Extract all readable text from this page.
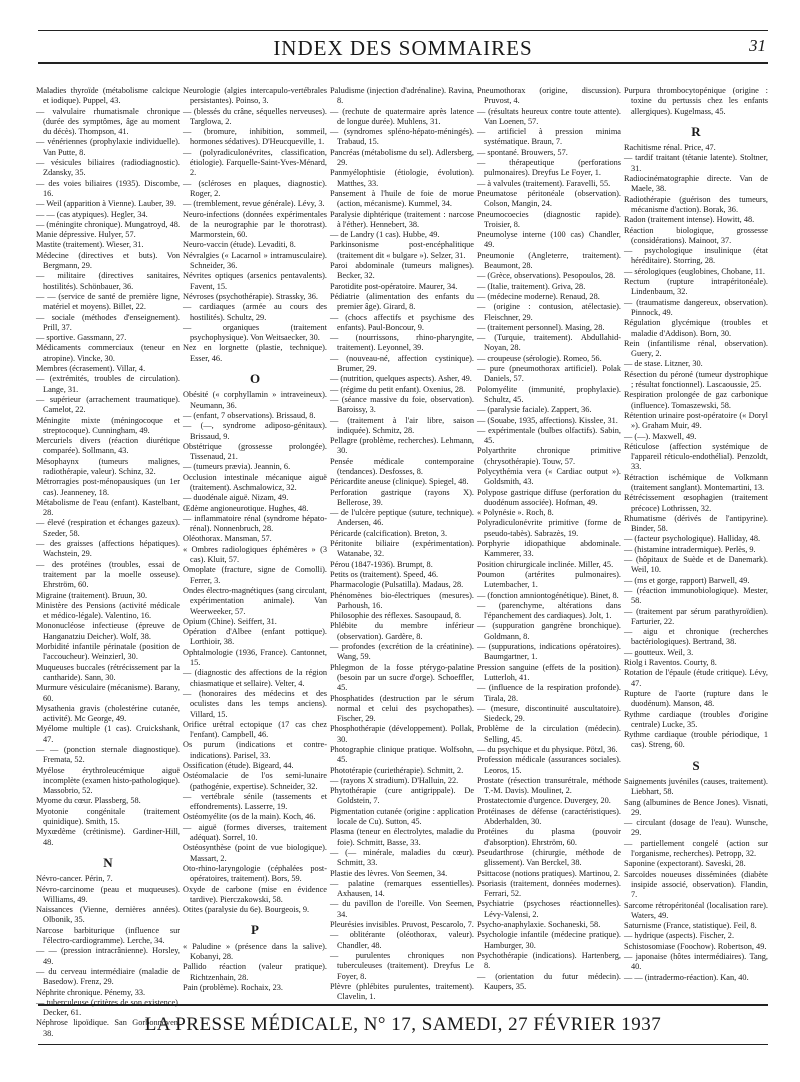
INDEX DES SOMMAIRES	31

Maladies thyroïde (métabolisme calcique et iodique). Puppel, 43.

— valvulaire rhumatismale chronique (durée des symptômes, âge au moment du décès). Thompson, 41.

— vénériennes (prophylaxie individuelle). Van Putte, 8.

— vésicules biliaires (radiodiagnostic). Zdansky, 35.

— des voies biliaires (1935). Discombe, 16.

— Weil (apparition à Vienne). Lauber, 39.

— — (cas atypiques). Hegler, 34.

— (méningite chronique). Mungatroyd, 48.

Manie dépressive. Hulyer, 57.

Mastite (traitement). Wieser, 31.

Médecine (directives et buts). Von Bergmann, 29.

— militaire (directives sanitaires, hostilités). Schönbauer, 36.

— — (service de santé de première ligne, matériel et moyens). Billet, 22.

— sociale (méthodes d'enseignement). Prill, 37.

— sportive. Gassmann, 27.

Médicaments commerciaux (teneur en atropine). Vincke, 30.

Membres (écrasement). Villar, 4.

— (extrémités, troubles de circulation). Lange, 31.

— supérieur (arrachement traumatique). Camelot, 22.

Méningite mixte (méningocoque et streptocoque). Cunningham, 49.

Mercuriels divers (réaction diurétique comparée). Sollmann, 43.

Mésophaynx (tumeurs malignes, radiothérapie, valeur). Schinz, 32.

Métrorragies post-ménopausiques (un 1er cas). Jeanneney, 18.

Métabolisme de l'eau (enfant). Kastelbant, 28.

— élevé (respiration et échanges gazeux). Szeder, 58.

— des graisses (affections hépatiques). Wachstein, 29.

— des protéines (troubles, essai de traitement par la moelle osseuse). Ehrström, 60.

Migraine (traitement). Bruun, 30.

Ministère des Pensions (activité médicale et médico-légale). Valentino, 16.

Mononucléose infectieuse (épreuve de Hanganatziu Deicher). Wolf, 38.

Morbidité infantile périnatale (position de l'accoucheur). Weinzierl, 30.

Muqueuses buccales (rétrécissement par la cantharide). Sann, 30.

Murmure vésiculaire (mécanisme). Barany, 60.

Mysathenia gravis (cholestérine cutanée, activité). Mc George, 49.

Myélome multiple (1 cas). Cruickshank, 47.

— — (ponction sternale diagnostique). Fremata, 52.

Myélose érythroleucémique aiguë incomplète (examen histo-pathologique). Massobrio, 52.

Myome du cœur. Plassberg, 58.

Myotonie congénitale (traitement quinidique). Smith, 15.

Myxœdème (crétinisme). Gardiner-Hill, 48.

N

Névro-cancer. Périn, 7.

Névro-carcinome (peau et muqueuses). Williams, 49.

Naissances (Vienne, dernières années). Olbonik, 35.

Narcose barbiturique (influence sur l'électro-cardiogramme). Lerche, 34.

— — (pression intracrânienne). Horsley, 49.

— du cerveau intermédiaire (maladie de Basedow). Frenz, 29.

Néphrite chronique. Pénemy, 33.

— tuberculeuse (critères de son existence). Decker, 61.

Néphrose lipoïdique. San Gorbonnoven, 38.

Neurologie (algies intercapulo-vertébrales persistantes). Poinso, 3.

— (blessés du crâne, séquelles nerveuses). Targlowa, 2.

— (bromure, inhibition, sommeil, hormones sédatives). D'Heucqueville, 1.

— (polyradiculonévrites, classification, étiologie). Farquelle-Saint-Yves-Ménard, 2.

— (scléroses en plaques, diagnostic). Roger, 2.

— (tremblement, revue générale). Lévy, 3.

Neuro-infections (données expérimentales de la neurographie par le thorotrast). Marmorstein, 60.

Neuro-vaccin (étude). Levaditi, 8.

Névralgies (« Lacarnol » intramusculaire). Schneider, 36.

Névrites optiques (arsenics pentavalents). Favent, 15.

Névroses (psychothérapie). Strassky, 36.

— cardiaques (armée au cours des hostilités). Schultz, 29.

— organiques (traitement psychophysique). Von Weitsaecker, 30.

Nez en lorgnette (plastie, technique). Esser, 46.

O

Obésité (« corphyllamin » intraveineux). Neumann, 36.

— (enfant, 7 observations). Brissaud, 8.

— (—, syndrome adiposo-génitaux). Brissaud, 9.

Obstétrique (grossesse prolongée). Tissenaud, 21.

— (tumeurs prævia). Jeannin, 6.

Occlusion intestinale mécanique aiguë (traitement). Aschmalowicz, 32.

— duodénale aiguë. Nizam, 49.

Œdème angioneurotique. Hughes, 48.

— inflammatoire rénal (syndrome hépato-rénal). Nonnenbruch, 28.

Oléothorax. Mansman, 57.

« Ombres radiologiques éphémères » (3 cas). Kluit, 57.

Omoplate (fracture, signe de Comolli). Ferrer, 3.

Ondes électro-magnétiques (sang circulant, expérimentation animale). Van Weerweeker, 57.

Opium (Chine). Seiffert, 31.

Opération d'Albee (enfant pottique). Lorthioir, 38.

Ophtalmologie (1936, France). Cantonnet, 15.

— (diagnostic des affections de la région chiasmatique et sellaire). Velter, 4.

— (honoraires des médecins et des oculistes dans les temps anciens). Villard, 15.

Orifice urétral ectopique (17 cas chez l'enfant). Campbell, 46.

Os purum (indications et contre-indications). Parisel, 33.

Ossification (étude). Bigeard, 44.

Ostéomalacie de l'os semi-lunaire (pathogénie, expertise). Schneider, 32.

— vertébrale sénile (tassements et effondrements). Lasserre, 19.

Ostéomyélite (os de la main). Koch, 46.

— aiguë (formes diverses, traitement adéquat). Sorrel, 10.

Ostéosynthèse (point de vue biologique). Massart, 2.

Oto-rhino-laryngologie (céphalées post-opératoires, traitement). Bors, 59.

Oxyde de carbone (mise en évidence tardive). Pierczakowski, 58.

Otites (paralysie du 6e). Bourgeois, 9.

P

« Paludine » (présence dans la salive). Kobanyi, 28.

Pallido réaction (valeur pratique). Richtzenhain, 28.

Pain (problème). Rochaix, 23.

Paludisme (injection d'adrénaline). Ravina, 8.

— (rechute de quatermaire après latence de longue durée). Muhlens, 31.

— (syndromes spléno-hépato-méningés). Trabaud, 15.

Pancréas (métabolisme du sel). Adlersberg, 29.

Panmyélophtisie (étiologie, évolution). Matthes, 33.

Pansement à l'huile de foie de morue (action, mécanisme). Kummel, 34.

Paralysie diphtérique (traitement : narcose à l'éther). Hennebert, 38.

— de Landry (1 cas). Hubbe, 49.

Parkinsonisme post-encéphalitique (traitement dit « bulgare »). Selzer, 31.

Paroi abdominale (tumeurs malignes). Becker, 32.

Parotidite post-opératoire. Maurer, 34.

Pédiatrie (alimentation des enfants du premier âge). Girard, 8.

— (chocs affectifs et psychisme des enfants). Paul-Boncour, 9.

— (nourrissons, rhino-pharyngite, traitement). Leyonnel, 39.

— (nouveau-né, affection cystinique). Brumer, 29.

— (nutrition, quelques aspects). Asher, 49.

— (régime du petit enfant). Oxenius, 28.

— (séance massive du foie, observation). Baroissy, 3.

— (traitement à l'air libre, saison indiquée). Schmitz, 28.

Pellagre (problème, recherches). Lehmann, 30.

Pensée médicale contemporaine (tendances). Desfosses, 8.

Péricardite aneuse (clinique). Spiegel, 48.

Perforation gastrique (rayons X). Bellerose, 39.

— de l'ulcère peptique (suture, technique). Andersen, 46.

Péricarde (calcification). Breton, 3.

Péritonite biliaire (expérimentation). Watanabe, 32.

Pérou (1847-1936). Brumpt, 8.

Petits os (traitement). Speed, 46.

Pharmacologie (Pulsatilla). Madaus, 28.

Phénomènes bio-électriques (mesures). Parhoush, 16.

Philosophie des réflexes. Sasoupaud, 8.

Phlébite du membre inférieur (observation). Gardère, 8.

— profondes (excrétion de la créatinine). Wang, 59.

Phlegmon de la fosse ptérygo-palatine (besoin par un sucre d'orge). Schoeffler, 45.

Phosphatides (destruction par le sérum normal et celui des psychopathes). Fischer, 29.

Phosphothérapie (développement). Pollak, 30.

Photographie clinique pratique. Wolfsohn, 45.

Phototérapie (curiethérapie). Schmitt, 2.

— (rayons X stradium). D'Halluin, 22.

Phytothérapie (cure antigrippale). De Goldstein, 7.

Pigmentation cutanée (origine : application locale de Cu). Sutton, 45.

Plasma (teneur en électrolytes, maladie du foie). Schmitt, Basse, 33.

— (— minérale, maladies du cœur). Schmitt, 33.

Plastie des lèvres. Von Seemen, 34.

— palatine (remarques essentielles). Axhausen, 14.

— du pavillon de l'oreille. Von Seemen, 34.

Pleurésies invisibles. Pruvost, Pescarolo, 7.

— oblitérante (oléothorax, valeur). Chandler, 48.

— purulentes chroniques non tuberculeuses (traitement). Dreyfus Le Foyer, 8.

Plèvre (phlébites purulentes, traitement). Clavelin, 1.

Pneumothorax (origine, discussion). Pruvost, 4.

— (résultats heureux contre toute attente). Van Loenen, 57.

— artificiel à pression minima systématique. Braun, 7.

— spontané. Brouwers, 57.

— thérapeutique (perforations pulmonaires). Dreyfus Le Foyer, 1.

— à valvules (traitement). Faravelli, 55.

Pneumatose péritonéale (observation). Colson, Mangin, 24.

Pneumocoecies (diagnostic rapide). Troisier, 8.

Pneumolyse interne (100 cas) Chandler, 49.

Pneumonie (Angleterre, traitement). Beaumont, 28.

— (Grèce, observations). Pesopoulos, 28.

— (Italie, traitement). Griva, 28.

— (médecine moderne). Renaud, 28.

— (origine : contusion, atélectasie). Fleischner, 29.

— (traitement personnel). Masing, 28.

— (Turquie, traitement). Abdullahid-Noyan, 28.

— croupeuse (sérologie). Romeo, 56.

— pure (pneumothorax artificiel). Polak Daniels, 57.

Polomyélite (immunité, prophylaxie). Schultz, 45.

— (paralysie faciale). Zappert, 36.

— (Souabe, 1935, affections). Kisslee, 31.

— expérimentale (bulbes olfactifs). Sabin, 45.

Polyarthrite chronique primitive (chrysothérapie). Touw, 57.

Polycythémia vera (« Cardiac output »). Goldsmith, 43.

Polypose gastrique diffuse (perforation du duodénum associée). Hofman, 49.

« Polynésie ». Roch, 8.

Polyradiculonévrite primitive (forme de pseudo-tabès). Sabrazès, 19.

Porphyrie idiopathique abdominale. Kammerer, 33.

Position chirurgicale inclinée. Miller, 45.

Poumon (artérites pulmonaires). Lutembacher, 1.

— (fonction amniontogénétique). Binet, 8.

— (parenchyme, altérations dans l'épanchement des cardiaques). Jolt, 1.

— (suppuration gangrène bronchique). Goldmann, 8.

— (suppurations, indications opératoires). Baumgartner, 1.

Pression sanguine (effets de la position). Lutterloh, 41.

— (influence de la respiration profonde). Tirala, 28.

— (mesure, discontinuité auscultatoire). Siedeck, 29.

Problème de la circulation (médecin). Selling, 45.

— du psychique et du physique. Pötzl, 36.

Profession médicale (assurances sociales). Leoros, 15.

Prostate (résection transurétrale, méthode T.-M. Davis). Moulinet, 2.

Prostatectomie d'urgence. Duvergey, 20.

Protéinases de défense (caractéristiques). Abderhalden, 30.

Protéines du plasma (pouvoir d'absorption). Ehrström, 60.

Pseudarthrose (chirurgie, méthode de glissement). Van Berckel, 38.

Psittacose (notions pratiques). Martinou, 2.

Psoriasis (traitement, données modernes). Ferrari, 52.

Psychiatrie (psychoses réactionnelles). Lévy-Valensi, 2.

Psycho-anaphylaxie. Sochaneski, 58.

Psychologie infantile (médecine pratique). Hamburger, 30.

Psychothérapie (indications). Hartenberg, 8.

— (orientation du futur médecin). Kaupers, 35.

Purpura thrombocytopénique (origine : toxine du pertussis chez les enfants allergiques). Kugelmass, 45.

R

Rachitisme rénal. Price, 47.

— tardif traitant (tétanie latente). Stoltner, 31.

Radiocinématographie directe. Van de Maele, 38.

Radiothérapie (guérison des tumeurs, mécanisme d'action). Borak, 36.

Radon (traitement intense). Howitt, 48.

Réaction biologique, grossesse (considérations). Mainoot, 37.

— psychologique insulinique (état héréditaire). Storring, 28.

— sérologiques (euglobines, Chobane, 11.

Rectum (rupture intrapéritonéale). Lindenbaum, 32.

— (traumatisme dangereux, observation). Pinnock, 49.

Régulation glycémique (troubles et maladie d'Addison). Born, 30.

Rein (infantilisme rénal, observation). Guery, 2.

— de stase. Litzner, 30.

Résection du péroné (tumeur dystrophique ; résultat fonctionnel). Lascaoussie, 25.

Respiration prolongée de gaz carbonique (influence). Tomaszewski, 58.

Rétention urinaire post-opératoire (« Doryl »). Graham Muir, 49.

— (—). Maxwell, 49.

Réticulose (affection systémique de l'appareil réticulo-endothélial). Penzoldt, 33.

Rétraction ischémique de Volkmann (traitement sanglant). Montemartini, 13.

Rétrécissement œsophagien (traitement précoce) Lothrissen, 32.

Rhumatisme (dérivés de l'antipyrine). Binder, 58.

— (facteur psychologique). Halliday, 48.

— (histamine intradermique). Perlès, 9.

— (hôpitaux de Suède et de Danemark). Weil, 10.

— (ms et gorge, rapport) Barwell, 49.

— (réaction immunobiologique). Mester, 58.

— (traitement par sérum parathyroïdien). Farturier, 22.

— aigu et chronique (recherches bactériologiques). Bertrand, 38.

— goutteux. Weil, 3.

Riolg i Raventos. Courty, 8.

Rotation de l'épaule (étude critique). Lévy, 47.

Rupture de l'aorte (rupture dans le duodénum). Manson, 48.

Rythme cardiaque (troubles d'origine centrale) Lucke, 35.

Rythme cardiaque (trouble périodique, 1 cas). Streng, 60.

S

Saignements juvéniles (causes, traitement). Liebhart, 58.

Sang (albumines de Bence Jones). Visnati, 29.

— circulant (dosage de l'eau). Wunsche, 29.

— partiellement congelé (action sur l'organisme, recherches). Petropp, 32.

Saponine (expectorant). Saveski, 28.

Sarcoïdes noueuses disséminées (diabète insipide associé, observation). Flandin, 7.

Sarcome rétropéritonéal (localisation rare). Waters, 49.

Saturnisme (France, statistique). Feil, 8.

— hydrique (aspects). Fischer, 2.

Schistosomiase (Foochow). Robertson, 49.

— japonaise (hôtes intermédiaires). Tang, 40.

— — (intradermo-réaction). Kan, 40.

LA PRESSE MÉDICALE, N° 17, SAMEDI, 27 FÉVRIER 1937
